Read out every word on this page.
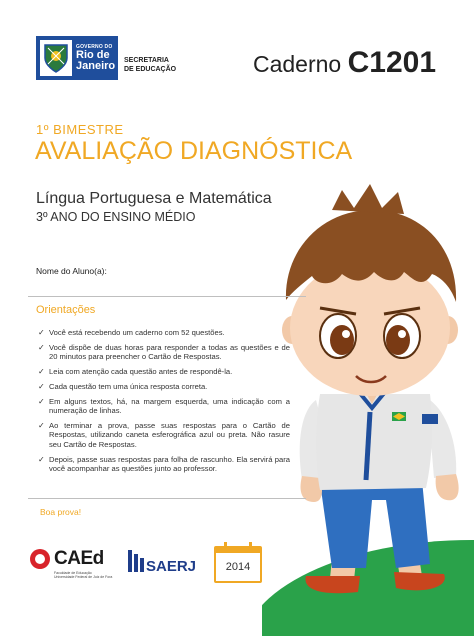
GOVERNO DO
Rio de
Janeiro SECRETARIA
DE EDUCAÇÃO	Caderno C1201
1º BIMESTRE
AVALIAÇÃO DIAGNÓSTICA
Língua Portuguesa e Matemática
3º ANO DO ENSINO MÉDIO
Nome do Aluno(a):
Orientações
✓ Você está recebendo um caderno com 52 questões.
✓ Você dispõe de duas horas para responder a todas as questões e de 20 minutos para preencher o Cartão de Respostas.
✓ Leia com atenção cada questão antes de respondê-la.
✓ Cada questão tem uma única resposta correta.
✓ Em alguns textos, há, na margem esquerda, uma indicação com a numeração de linhas.
✓ Ao terminar a prova, passe suas respostas para o Cartão de Respostas, utilizando caneta esferográfica azul ou preta. Não rasure seu Cartão de Respostas.
✓ Depois, passe suas respostas para folha de rascunho. Ela servirá para você acompanhar as questões junto ao professor.
Boa prova!
CAEd
Faculdade de Educação
Universidade Federal de Juiz de Fora
SAERJ	2014
